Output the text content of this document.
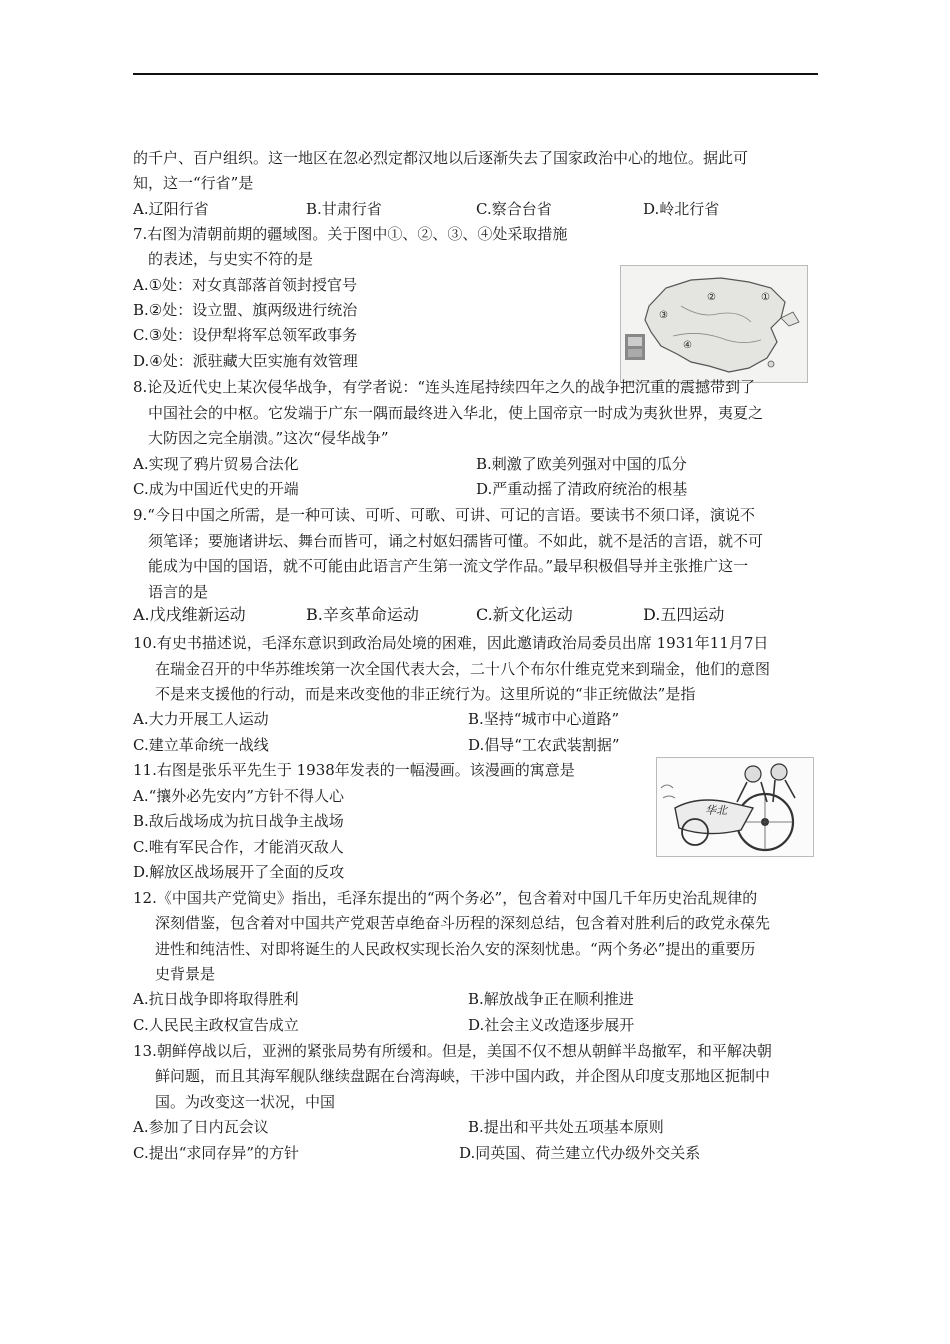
的千户、百户组织。这一地区在忽必烈定都汉地以后逐渐失去了国家政治中心的地位。据此可
知，这一“行省”是
A.辽阳行省	B.甘肃行省	C.察合台省	D.岭北行省
7.右图为清朝前期的疆域图。关于图中①、②、③、④处采取措施
的表述，与史实不符的是
A.①处：对女真部落首领封授官号
B.②处：设立盟、旗两级进行统治
C.③处：设伊犁将军总领军政事务
D.④处：派驻藏大臣实施有效管理
①
②
③
④
8.论及近代史上某次侵华战争，有学者说：“连头连尾持续四年之久的战争把沉重的震撼带到了
中国社会的中枢。它发端于广东一隅而最终进入华北，使上国帝京一时成为夷狄世界，夷夏之
大防因之完全崩溃。”这次“侵华战争”
A.实现了鸦片贸易合法化	B.刺激了欧美列强对中国的瓜分
C.成为中国近代史的开端	D.严重动摇了清政府统治的根基
9.“今日中国之所需，是一种可读、可听、可歌、可讲、可记的言语。要读书不须口译，演说不
须笔译；要施诸讲坛、舞台而皆可，诵之村妪妇孺皆可懂。不如此，就不是活的言语，就不可
能成为中国的国语，就不可能由此语言产生第一流文学作品。”最早积极倡导并主张推广这一
语言的是
A.戊戌维新运动	B.辛亥革命运动	C.新文化运动	D.五四运动
10.有史书描述说，毛泽东意识到政治局处境的困难，因此邀请政治局委员出席 1931年11月7日
在瑞金召开的中华苏维埃第一次全国代表大会，二十八个布尔什维克党来到瑞金，他们的意图
不是来支援他的行动，而是来改变他的非正统行为。这里所说的“非正统做法”是指
A.大力开展工人运动	B.坚持“城市中心道路”
C.建立革命统一战线	D.倡导“工农武装割据”
11.右图是张乐平先生于 1938年发表的一幅漫画。该漫画的寓意是
A.“攘外必先安内”方针不得人心
B.敌后战场成为抗日战争主战场
C.唯有军民合作，才能消灭敌人
D.解放区战场展开了全面的反攻
华北
12.《中国共产党简史》指出，毛泽东提出的“两个务必”，包含着对中国几千年历史治乱规律的
深刻借鉴，包含着对中国共产党艰苦卓绝奋斗历程的深刻总结，包含着对胜利后的政党永葆先
进性和纯洁性、对即将诞生的人民政权实现长治久安的深刻忧患。“两个务必”提出的重要历
史背景是
A.抗日战争即将取得胜利	B.解放战争正在顺利推进
C.人民民主政权宣告成立	D.社会主义改造逐步展开
13.朝鲜停战以后，亚洲的紧张局势有所缓和。但是，美国不仅不想从朝鲜半岛撤军，和平解决朝
鲜问题，而且其海军舰队继续盘踞在台湾海峡，干涉中国内政，并企图从印度支那地区扼制中
国。为改变这一状况，中国
A.参加了日内瓦会议	B.提出和平共处五项基本原则
C.提出“求同存异”的方针	D.同英国、荷兰建立代办级外交关系
